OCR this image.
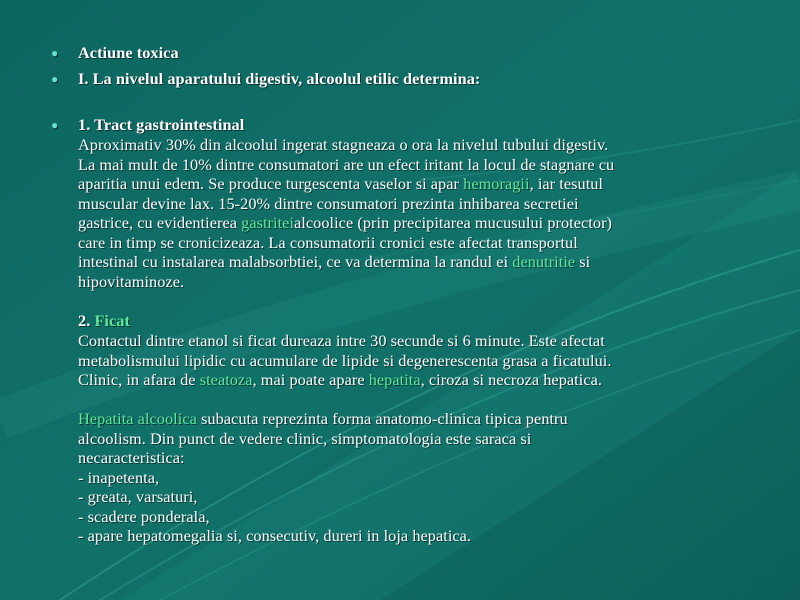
● Actiune toxica
● I. La nivelul aparatului digestiv, alcoolul etilic determina:
● 1. Tract gastrointestinal
Aproximativ 30% din alcoolul ingerat stagneaza o ora la nivelul tubului digestiv.
La mai mult de 10% dintre consumatori are un efect iritant la locul de stagnare cu
aparitia unui edem. Se produce turgescenta vaselor si apar hemoragii, iar tesutul
muscular devine lax. 15-20% dintre consumatori prezinta inhibarea secretiei
gastrice, cu evidentierea gastriteialcoolice (prin precipitarea mucusului protector)
care in timp se cronicizeaza. La consumatorii cronici este afectat transportul
intestinal cu instalarea malabsorbtiei, ce va determina la randul ei denutritie si
hipovitaminoze.
2. Ficat
Contactul dintre etanol si ficat dureaza intre 30 secunde si 6 minute. Este afectat
metabolismului lipidic cu acumulare de lipide si degenerescenta grasa a ficatului.
Clinic, in afara de steatoza, mai poate apare hepatita, ciroza si necroza hepatica.
Hepatita alcoolica subacuta reprezinta forma anatomo-clinica tipica pentru
alcoolism. Din punct de vedere clinic, simptomatologia este saraca si
necaracteristica:
- inapetenta,
- greata, varsaturi,
- scadere ponderala,
- apare hepatomegalia si, consecutiv, dureri in loja hepatica.
